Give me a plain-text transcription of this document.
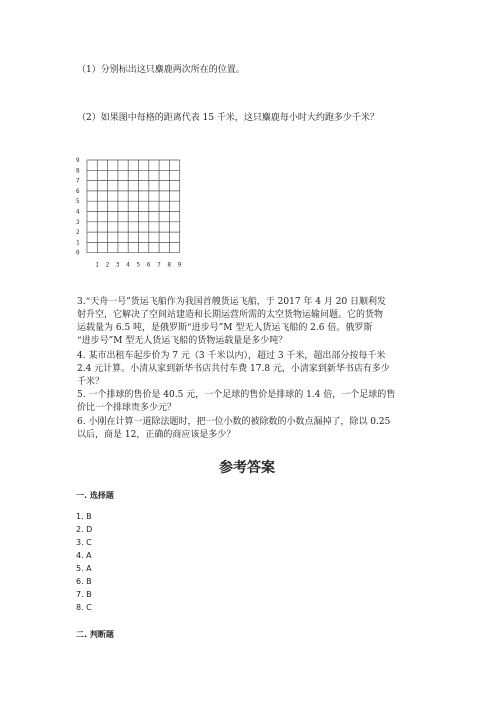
（1）分别标出这只麋鹿两次所在的位置。
（2）如果图中每格的距离代表 15 千米，这只麋鹿每小时大约跑多少千米？
9
8
7
6
5
4
3
2
1
0
1 2 3 4 5 6 7 8 9
3.“天舟一号”货运飞船作为我国首艘货运飞船，于 2017 年 4 月 20 日顺利发
射升空，它解决了空间站建造和长期运营所需的太空货物运输问题。它的货物
运载量为 6.5 吨，是俄罗斯“进步号”M 型无人货运飞船的 2.6 倍。俄罗斯
“进步号”M 型无人货运飞船的货物运载量是多少吨？
4. 某市出租车起步价为 7 元（3 千米以内），超过 3 千米，超出部分按每千米
2.4 元计算。小清从家到新华书店共付车费 17.8 元，小清家到新华书店有多少
千米？
5. 一个排球的售价是 40.5 元，一个足球的售价是排球的 1.4 倍，一个足球的售
价比一个排球贵多少元？
6. 小刚在计算一道除法题时，把一位小数的被除数的小数点漏掉了，除以 0.25
以后，商是 12，正确的商应该是多少？
参考答案
一. 选择题
1. B
2. D
3. C
4. A
5. A
6. B
7. B
8. C
二. 判断题
